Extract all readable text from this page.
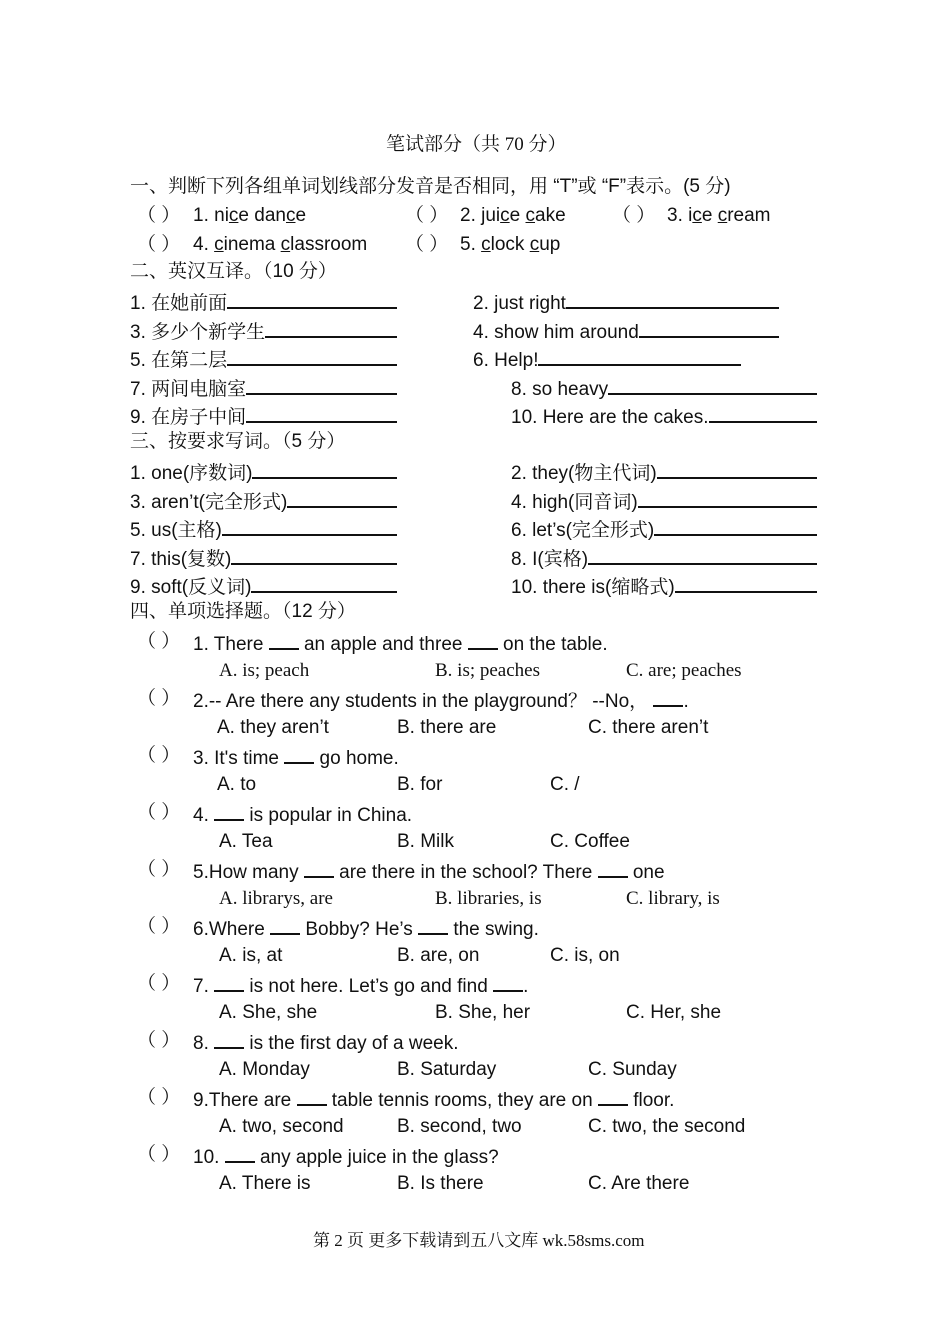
笔试部分（共 70 分）
一、判断下列各组单词划线部分发音是否相同，用 “T”或 “F”表示。(5 分)
二、英汉互译。（10 分）
三、按要求写词。（5 分）
四、单项选择题。（12 分）
第 2 页 更多下载请到五八文库 wk.58sms.com
（ ） 1. nice dance	（ ） 2. juice cake （ ） 3. ice cream
（ ） 4. cinema classroom （ ） 5. clock cup
1. 在她前面	2. just right
3. 多少个新学生	4. show him around
5. 在第二层	6. Help!
7. 两间电脑室	8. so heavy
9. 在房子中间	10. Here are the cakes.
1. one(序数词)	2. they(物主代词)
3. aren’t(完全形式)	4. high(同音词)
5. us(主格)	6. let’s(完全形式)
7. this(复数)	8. I(宾格)
9. soft(反义词)	10. there is(缩略式)
（ ） 1. There  an apple and three  on the table.
A. is; peach	B. is; peaches	C. are; peaches
（ ） 2.-- Are there any students in the playground？ --No， .
A. they aren’t	B. there are	C. there aren’t
（ ） 3. It's time  go home.
A. to	B. for	C. /
（ ） 4.  is popular in China.
A. Tea	B. Milk	C. Coffee
（ ） 5.How many  are there in the school? There  one
A. librarys, are	B. libraries, is	C. library, is
（ ） 6.Where  Bobby? He’s  the swing.
A. is, at	B. are, on	C. is, on
（ ） 7.  is not here. Let’s go and find .
A. She, she	B. She, her	C. Her, she
（ ） 8.  is the first day of a week.
A. Monday	B. Saturday	C. Sunday
（ ） 9.There are  table tennis rooms, they are on  floor.
A. two, second	B. second, two	C. two, the second
（ ） 10.  any apple juice in the glass?
A. There is	B. Is there	C. Are there
